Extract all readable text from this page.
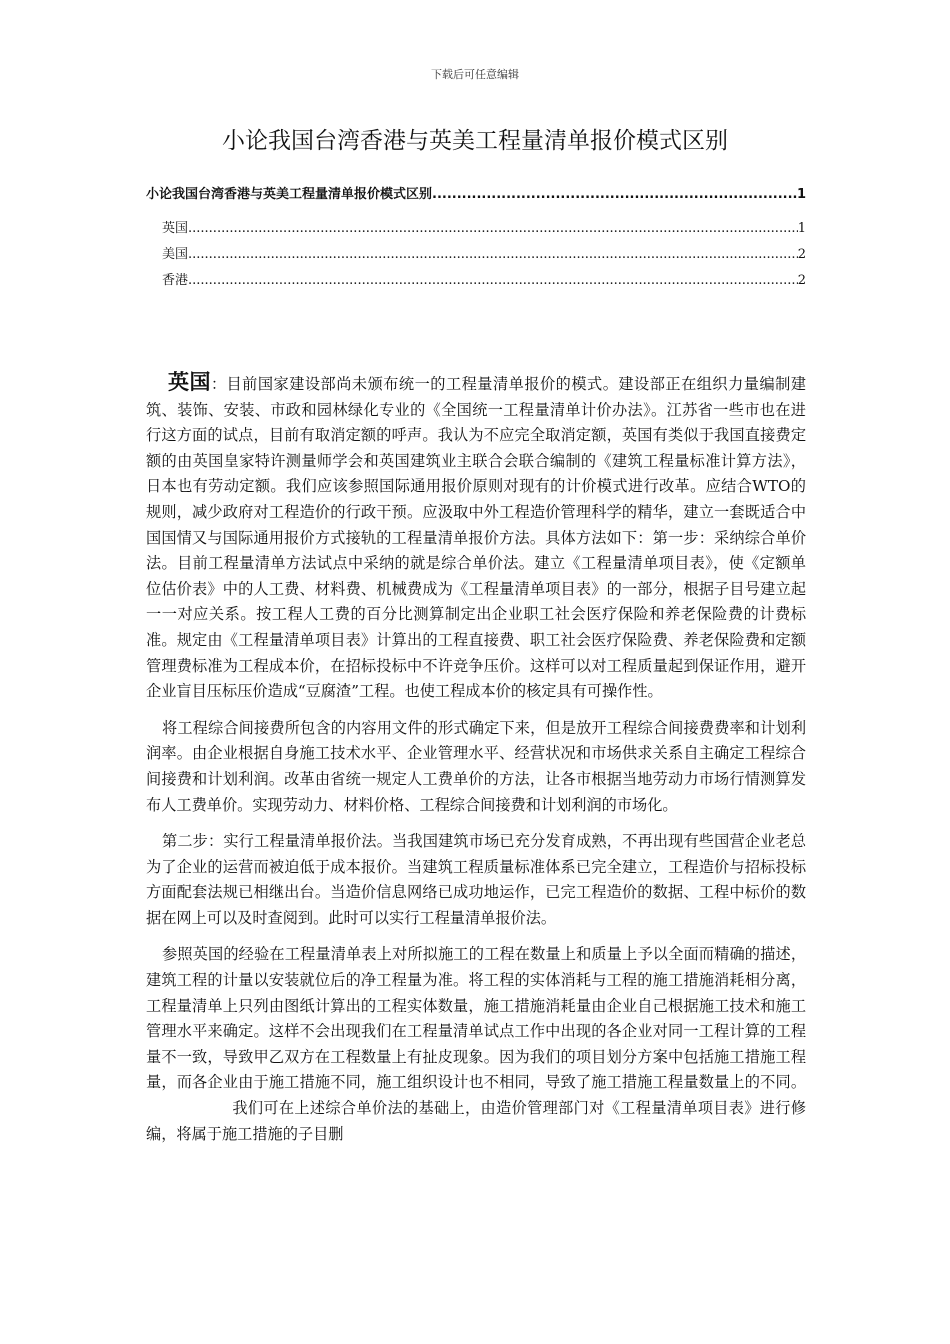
下载后可任意编辑
小论我国台湾香港与英美工程量清单报价模式区别
小论我国台湾香港与英美工程量清单报价模式区别 .....	1
英国 .....	1
美国 .....	2
香港 .....	2

英国：目前国家建设部尚未颁布统一的工程量清单报价的模式。建设部正在组织力量编制建筑、装饰、安装、市政和园林绿化专业的《全国统一工程量清单计价办法》。江苏省一些市也在进行这方面的试点，目前有取消定额的呼声。我认为不应完全取消定额，英国有类似于我国直接费定额的由英国皇家特许测量师学会和英国建筑业主联合会联合编制的《建筑工程量标准计算方法》，日本也有劳动定额。我们应该参照国际通用报价原则对现有的计价模式进行改革。应结合WTO的规则，减少政府对工程造价的行政干预。应汲取中外工程造价管理科学的精华，建立一套既适合中国国情又与国际通用报价方式接轨的工程量清单报价方法。具体方法如下：第一步：采纳综合单价法。目前工程量清单方法试点中采纳的就是综合单价法。建立《工程量清单项目表》，使《定额单位估价表》中的人工费、材料费、机械费成为《工程量清单项目表》的一部分，根据子目号建立起一一对应关系。按工程人工费的百分比测算制定出企业职工社会医疗保险和养老保险费的计费标准。规定由《工程量清单项目表》计算出的工程直接费、职工社会医疗保险费、养老保险费和定额管理费标准为工程成本价，在招标投标中不许竞争压价。这样可以对工程质量起到保证作用，避开企业盲目压标压价造成“豆腐渣”工程。也使工程成本价的核定具有可操作性。

将工程综合间接费所包含的内容用文件的形式确定下来，但是放开工程综合间接费费率和计划利润率。由企业根据自身施工技术水平、企业管理水平、经营状况和市场供求关系自主确定工程综合间接费和计划利润。改革由省统一规定人工费单价的方法，让各市根据当地劳动力市场行情测算发布人工费单价。实现劳动力、材料价格、工程综合间接费和计划利润的市场化。

第二步：实行工程量清单报价法。当我国建筑市场已充分发育成熟，不再出现有些国营企业老总为了企业的运营而被迫低于成本报价。当建筑工程质量标准体系已完全建立，工程造价与招标投标方面配套法规已相继出台。当造价信息网络已成功地运作，已完工程造价的数据、工程中标价的数据在网上可以及时查阅到。此时可以实行工程量清单报价法。

参照英国的经验在工程量清单表上对所拟施工的工程在数量上和质量上予以全面而精确的描述，建筑工程的计量以安装就位后的净工程量为准。将工程的实体消耗与工程的施工措施消耗相分离，工程量清单上只列由图纸计算出的工程实体数量，施工措施消耗量由企业自己根据施工技术和施工管理水平来确定。这样不会出现我们在工程量清单试点工作中出现的各企业对同一工程计算的工程量不一致，导致甲乙双方在工程数量上有扯皮现象。因为我们的项目划分方案中包括施工措施工程量，而各企业由于施工措施不同，施工组织设计也不相同，导致了施工措施工程量数量上的不同。我们可在上述综合单价法的基础上，由造价管理部门对《工程量清单项目表》进行修编，将属于施工措施的子目删
